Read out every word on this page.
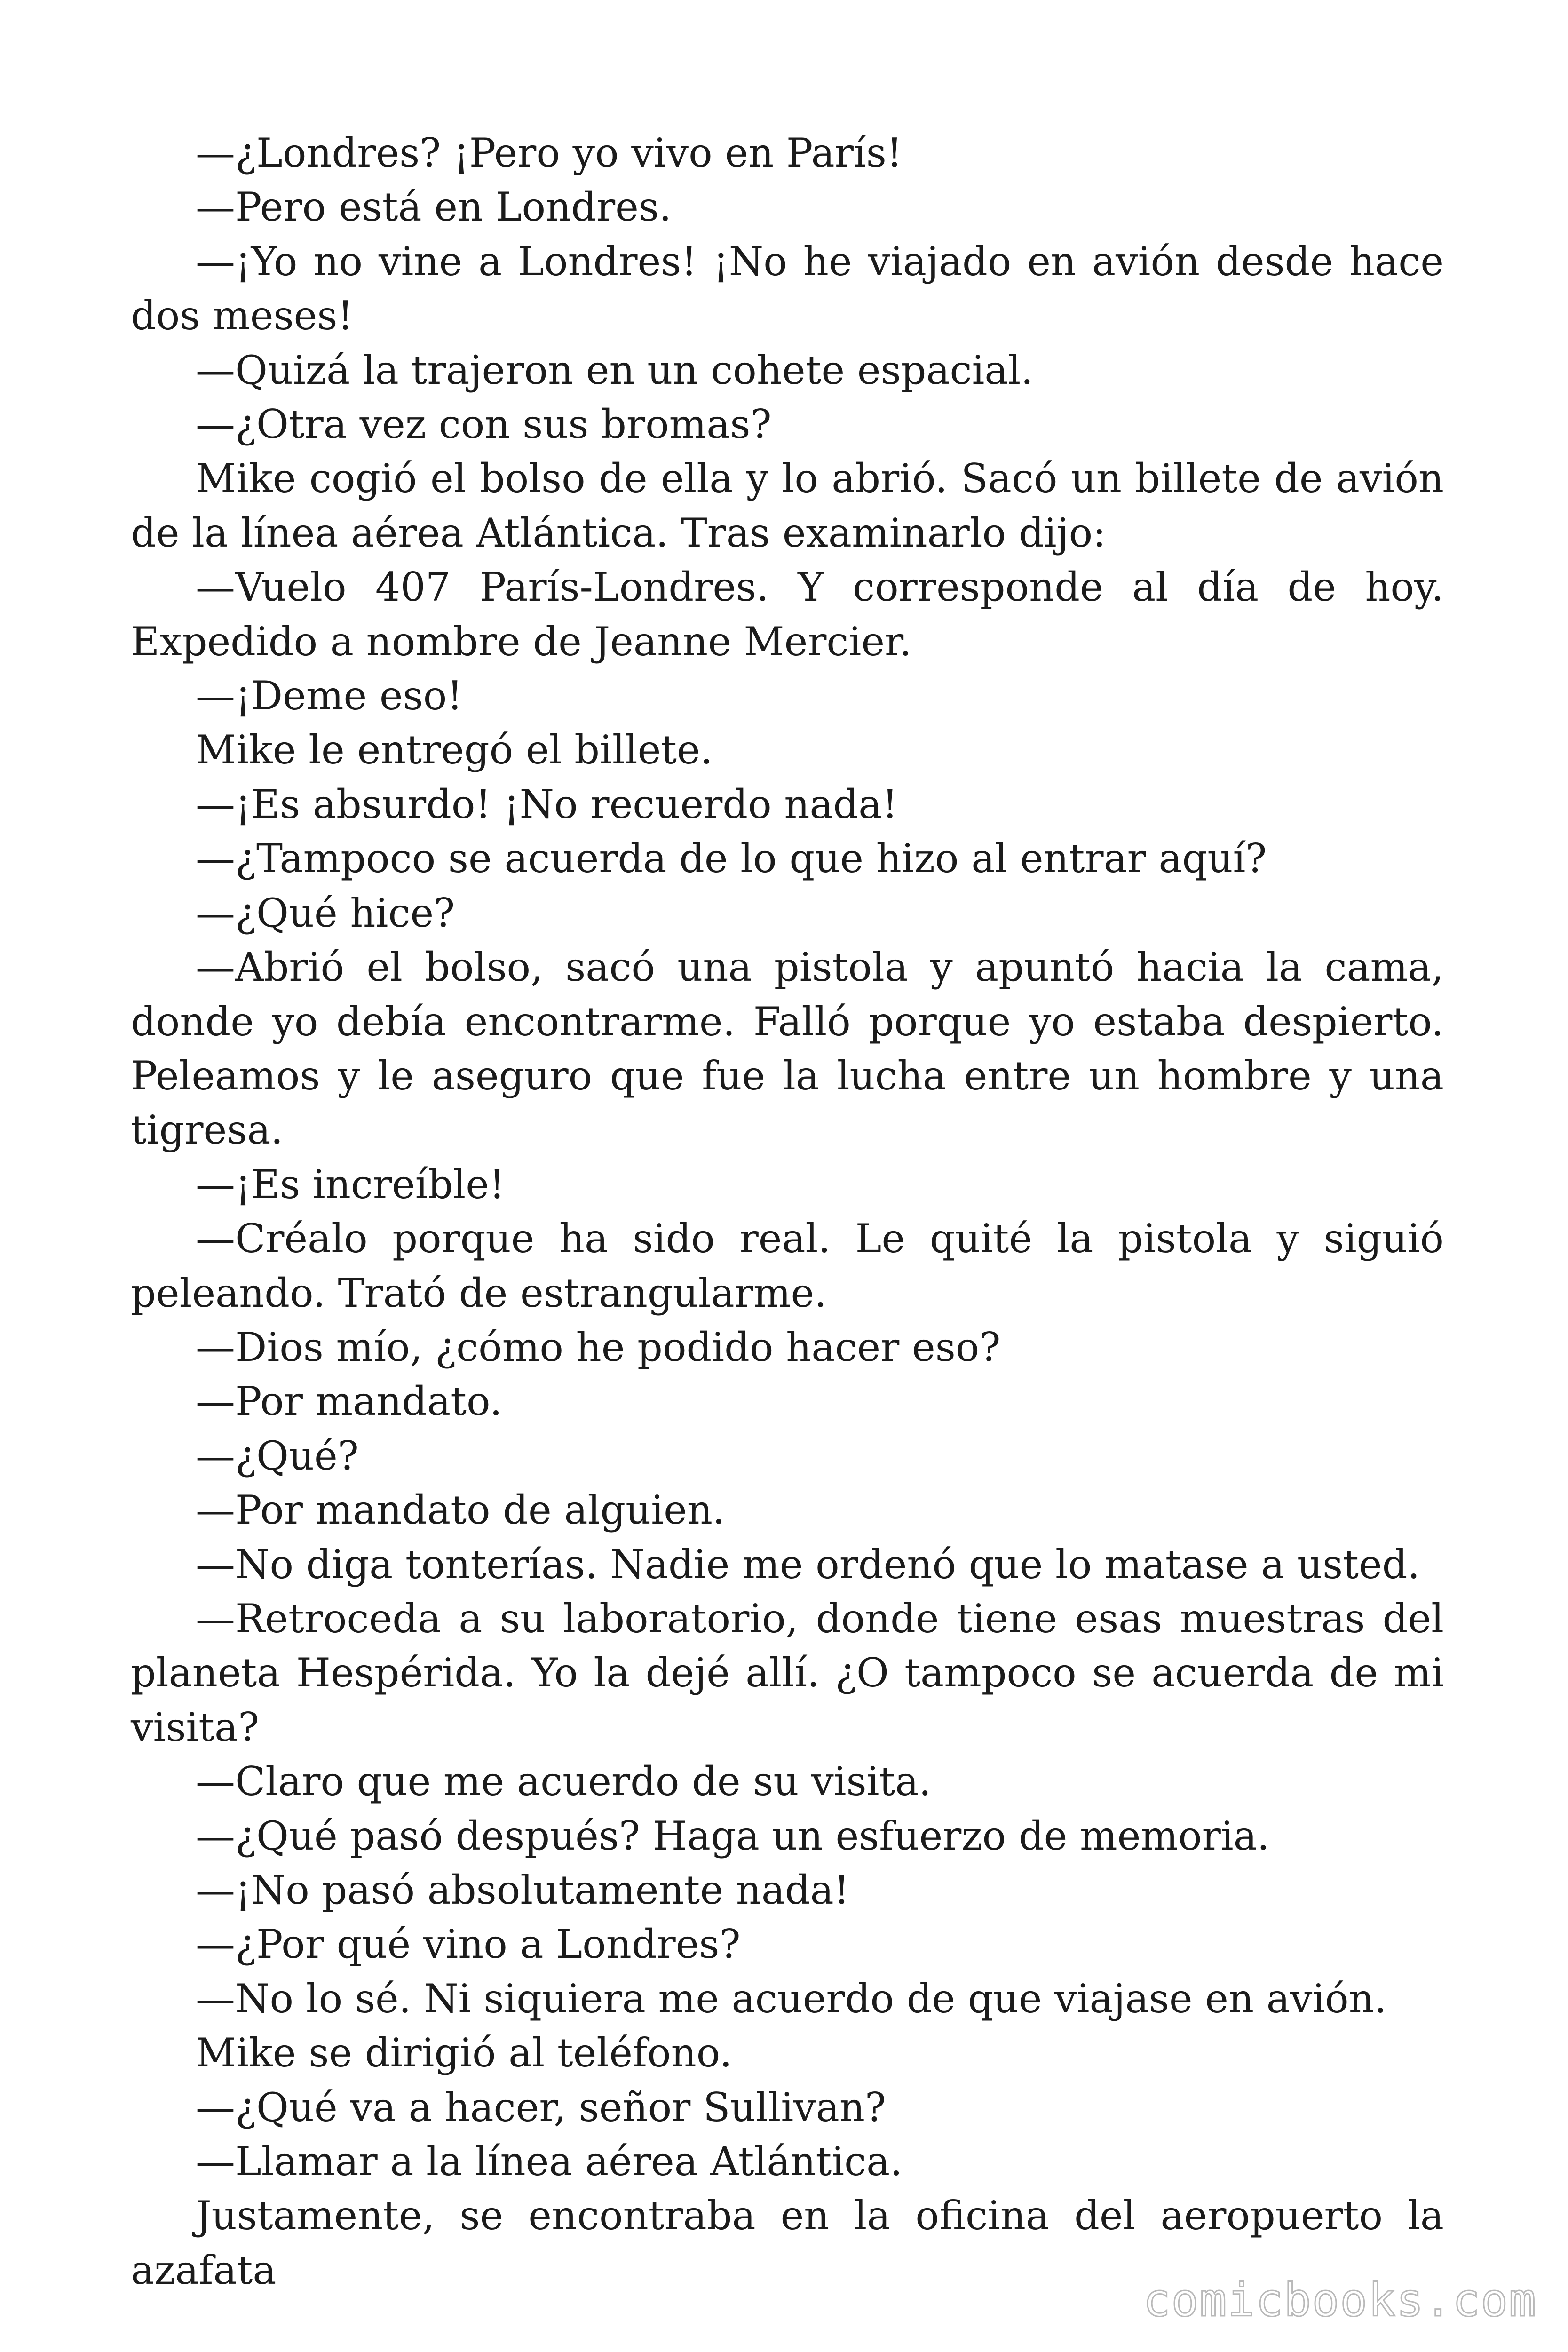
—¿Londres? ¡Pero yo vivo en París!

—Pero está en Londres.

—¡Yo no vine a Londres! ¡No he viajado en avión desde hace dos meses!

—Quizá la trajeron en un cohete espacial.

—¿Otra vez con sus bromas?

Mike cogió el bolso de ella y lo abrió. Sacó un billete de avión de la línea aérea Atlántica. Tras examinarlo dijo:

—Vuelo 407 París-Londres. Y corresponde al día de hoy. Expedido a nombre de Jeanne Mercier.

—¡Deme eso!

Mike le entregó el billete.

—¡Es absurdo! ¡No recuerdo nada!

—¿Tampoco se acuerda de lo que hizo al entrar aquí?

—¿Qué hice?

—Abrió el bolso, sacó una pistola y apuntó hacia la cama, donde yo debía encontrarme. Falló porque yo estaba despierto. Peleamos y le aseguro que fue la lucha entre un hombre y una tigresa.

—¡Es increíble!

—Créalo porque ha sido real. Le quité la pistola y siguió peleando. Trató de estrangularme.

—Dios mío, ¿cómo he podido hacer eso?

—Por mandato.

—¿Qué?

—Por mandato de alguien.

—No diga tonterías. Nadie me ordenó que lo matase a usted.

—Retroceda a su laboratorio, donde tiene esas muestras del planeta Hespérida. Yo la dejé allí. ¿O tampoco se acuerda de mi visita?

—Claro que me acuerdo de su visita.

—¿Qué pasó después? Haga un esfuerzo de memoria.

—¡No pasó absolutamente nada!

—¿Por qué vino a Londres?

—No lo sé. Ni siquiera me acuerdo de que viajase en avión.

Mike se dirigió al teléfono.

—¿Qué va a hacer, señor Sullivan?

—Llamar a la línea aérea Atlántica.

Justamente, se encontraba en la oficina del aeropuerto la azafata

comicbooks.com
